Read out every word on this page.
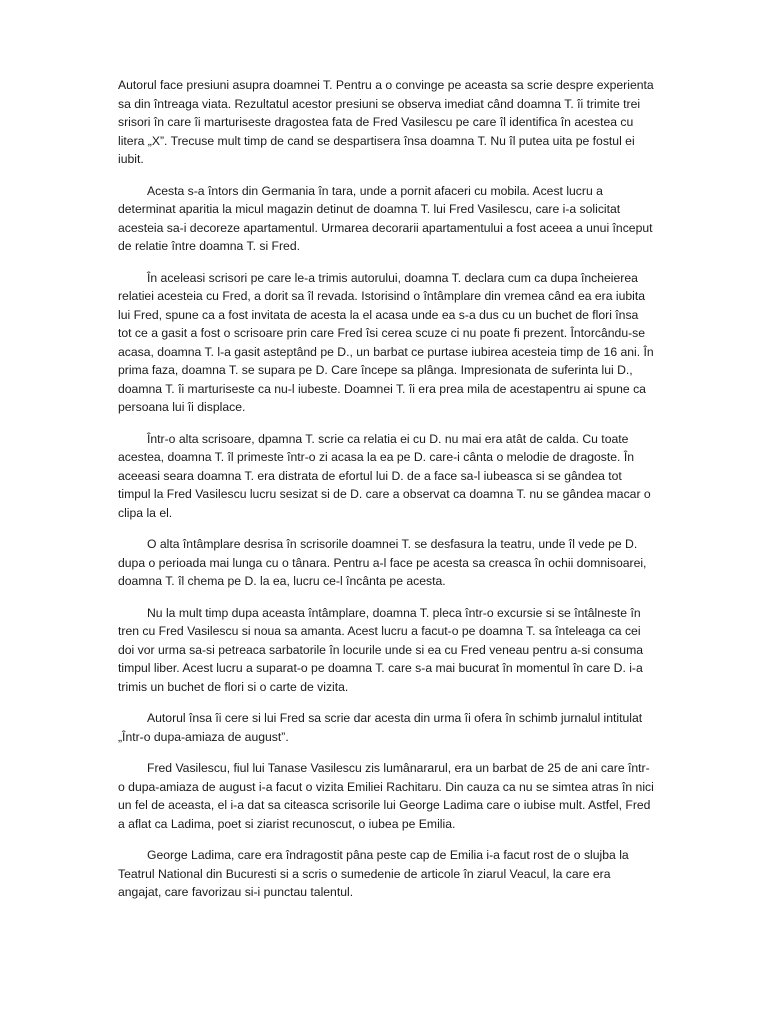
Autorul face presiuni asupra doamnei T. Pentru a o convinge pe aceasta sa scrie despre experienta sa din întreaga viata. Rezultatul acestor presiuni se observa imediat când doamna T. îi trimite trei srisori în care îi marturiseste dragostea fata de Fred Vasilescu pe care îl identifica în acestea cu litera „X”. Trecuse mult timp de cand se despartisera însa doamna T. Nu îl putea uita pe fostul ei iubit.

Acesta s-a întors din Germania în tara, unde a pornit afaceri cu mobila. Acest lucru a determinat aparitia la micul magazin detinut de doamna T. lui Fred Vasilescu, care i-a solicitat acesteia sa-i decoreze apartamentul. Urmarea decorarii apartamentului a fost aceea a unui început de relatie între doamna T. si Fred.

În aceleasi scrisori pe care le-a trimis autorului, doamna T. declara cum ca dupa încheierea relatiei acesteia cu Fred, a dorit sa îl revada. Istorisind o întâmplare din vremea când ea era iubita lui Fred, spune ca a fost invitata de acesta la el acasa unde ea s-a dus cu un buchet de flori însa tot ce a gasit a fost o scrisoare prin care Fred îsi cerea scuze ci nu poate fi prezent. Întorcându-se acasa, doamna T. l-a gasit asteptând pe D., un barbat ce purtase iubirea acesteia timp de 16 ani. În prima faza, doamna T. se supara pe D. Care începe sa plânga. Impresionata de suferinta lui D., doamna T. îi marturiseste ca nu-l iubeste. Doamnei T. îi era prea mila de acestapentru ai spune ca persoana lui îi displace.

Într-o alta scrisoare, dpamna T. scrie ca relatia ei cu D. nu mai era atât de calda. Cu toate acestea, doamna T. îl primeste într-o zi acasa la ea pe D. care-i cânta o melodie de dragoste. În aceeasi seara doamna T. era distrata de efortul lui D. de a face sa-l iubeasca si se gândea tot timpul la Fred Vasilescu lucru sesizat si de D. care a observat ca doamna T. nu se gândea macar o clipa la el.

O alta întâmplare desrisa în scrisorile doamnei T. se desfasura la teatru, unde îl vede pe D. dupa o perioada mai lunga cu o tânara. Pentru a-l face pe acesta sa creasca în ochii domnisoarei, doamna T. îl chema pe D. la ea, lucru ce-l încânta pe acesta.

Nu la mult timp dupa aceasta întâmplare, doamna T. pleca într-o excursie si se întâlneste în tren cu Fred Vasilescu si noua sa amanta. Acest lucru a facut-o pe doamna T. sa înteleaga ca cei doi vor urma sa-si petreaca sarbatorile în locurile unde si ea cu Fred veneau pentru a-si consuma timpul liber. Acest lucru a suparat-o pe doamna T. care s-a mai bucurat în momentul în care D. i-a trimis un buchet de flori si o carte de vizita.

Autorul însa îi cere si lui Fred sa scrie dar acesta din urma îi ofera în schimb jurnalul intitulat „Într-o dupa-amiaza de august”.

Fred Vasilescu, fiul lui Tanase Vasilescu zis lumânararul, era un barbat de 25 de ani care într-o dupa-amiaza de august i-a facut o vizita Emiliei Rachitaru. Din cauza ca nu se simtea atras în nici un fel de aceasta, el i-a dat sa citeasca scrisorile lui George Ladima care o iubise mult. Astfel, Fred a aflat ca Ladima, poet si ziarist recunoscut, o iubea pe Emilia.

George Ladima, care era îndragostit pâna peste cap de Emilia i-a facut rost de o slujba la Teatrul National din Bucuresti si a scris o sumedenie de articole în ziarul Veacul, la care era angajat, care favorizau si-i punctau talentul.
